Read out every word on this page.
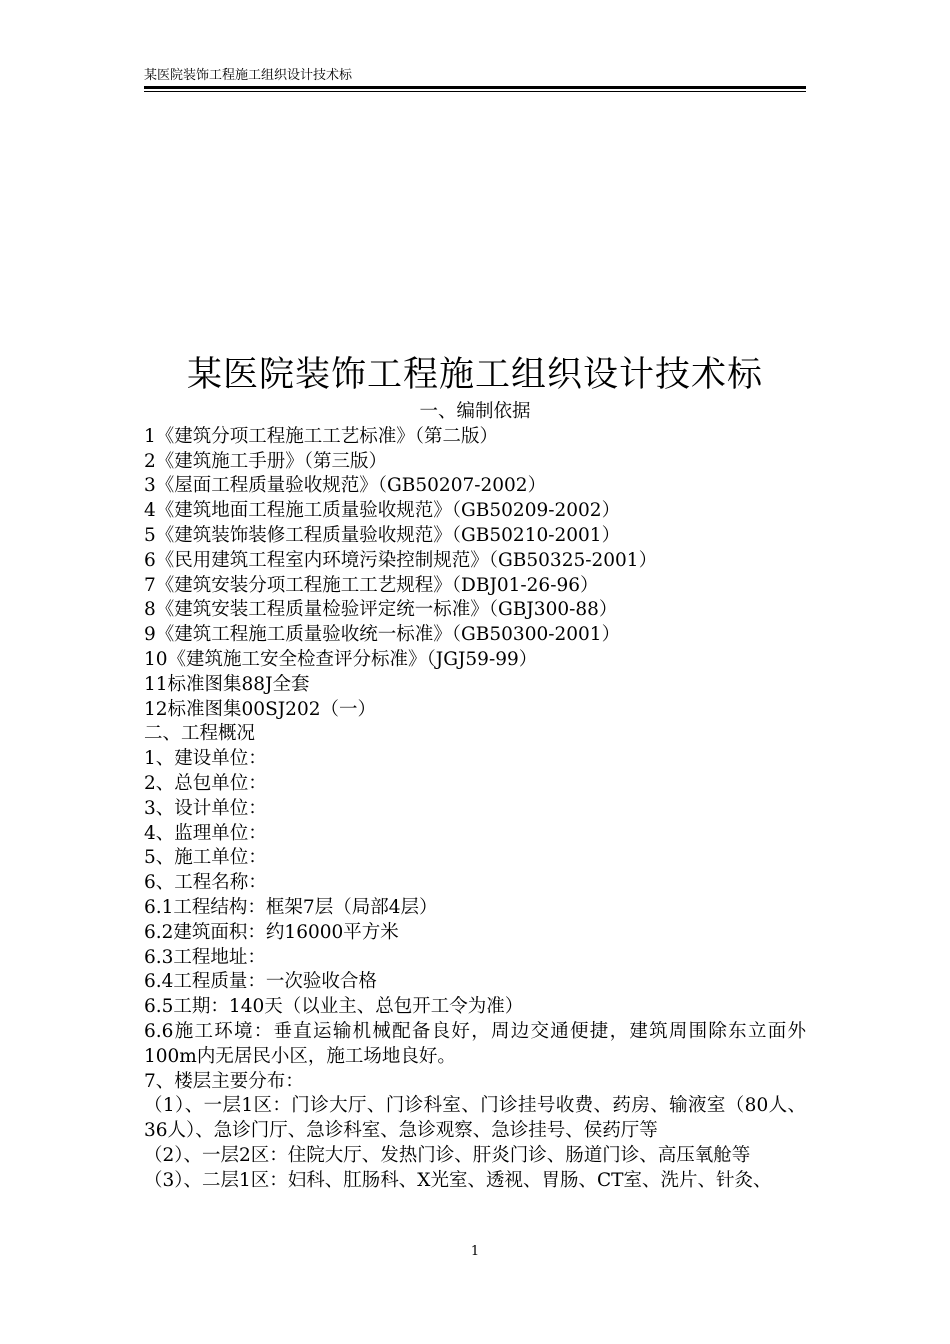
某医院装饰工程施工组织设计技术标
某医院装饰工程施工组织设计技术标
一、编制依据
1《建筑分项工程施工工艺标准》（第二版）
2《建筑施工手册》（第三版）
3《屋面工程质量验收规范》（GB50207-2002）
4《建筑地面工程施工质量验收规范》（GB50209-2002）
5《建筑装饰装修工程质量验收规范》（GB50210-2001）
6《民用建筑工程室内环境污染控制规范》（GB50325-2001）
7《建筑安装分项工程施工工艺规程》（DBJ01-26-96）
8《建筑安装工程质量检验评定统一标准》（GBJ300-88）
9《建筑工程施工质量验收统一标准》（GB50300-2001）
10《建筑施工安全检查评分标准》（JGJ59-99）
11标准图集88J全套
12标准图集00SJ202（一）
二、工程概况
1、建设单位：
2、总包单位：
3、设计单位：
4、监理单位：
5、施工单位：
6、工程名称：
6.1工程结构：框架7层（局部4层）
6.2建筑面积：约16000平方米
6.3工程地址：
6.4工程质量：一次验收合格
6.5工期：140天（以业主、总包开工令为准）
6.6施工环境：垂直运输机械配备良好，周边交通便捷，建筑周围除东立面外100m内无居民小区，施工场地良好。
7、楼层主要分布：
（1）、一层1区：门诊大厅、门诊科室、门诊挂号收费、药房、输液室（80人、36人）、急诊门厅、急诊科室、急诊观察、急诊挂号、侯药厅等
（2）、一层2区：住院大厅、发热门诊、肝炎门诊、肠道门诊、高压氧舱等
（3）、二层1区：妇科、肛肠科、X光室、透视、胃肠、CT室、洗片、针灸、
1
